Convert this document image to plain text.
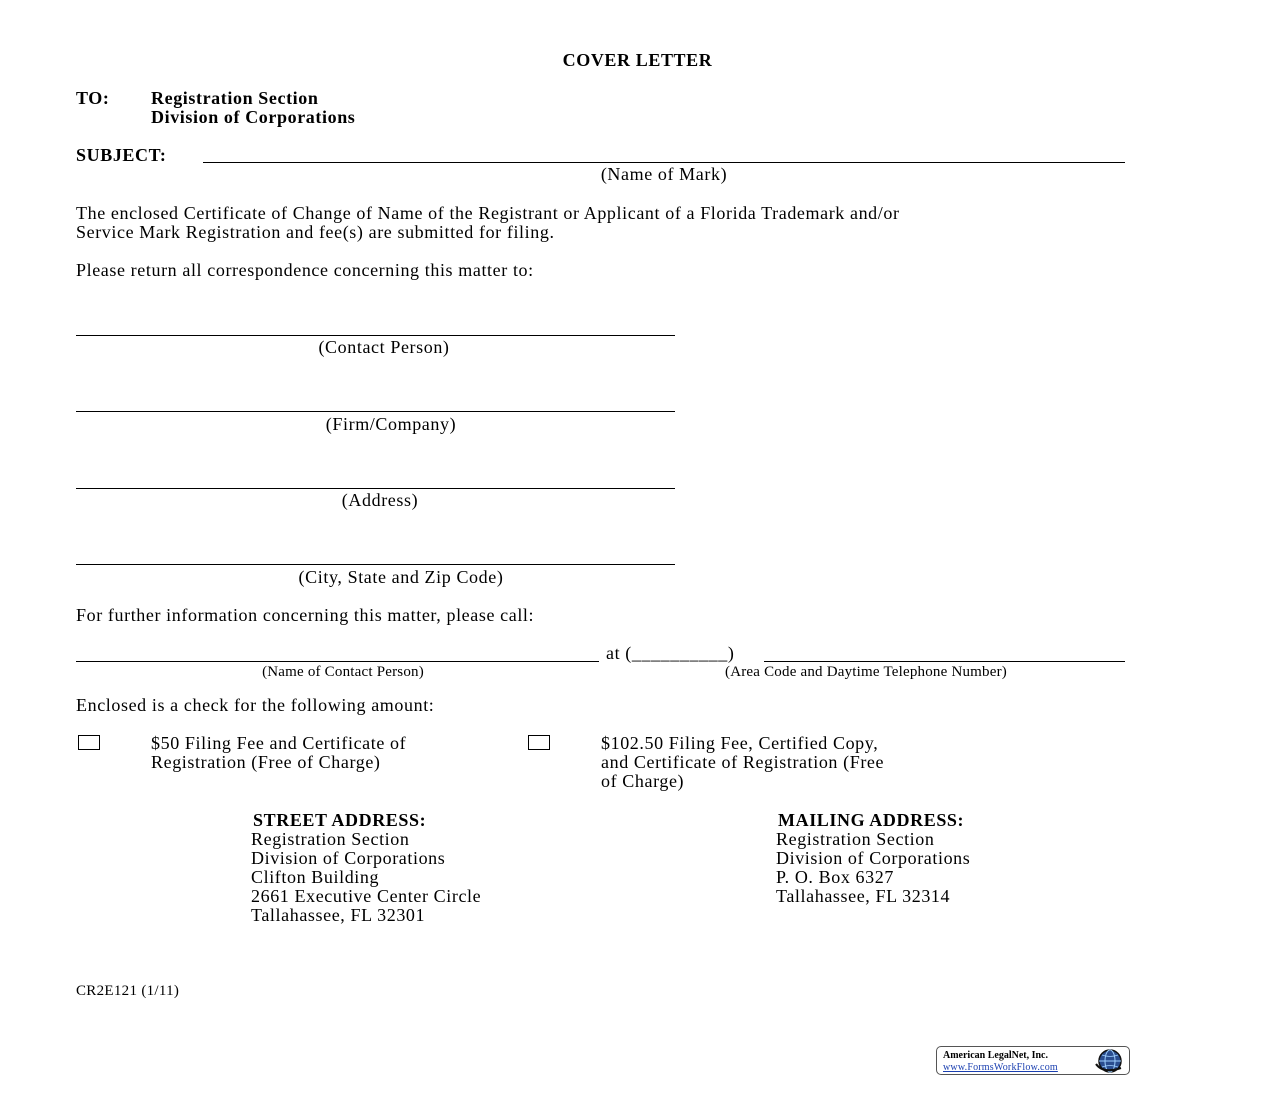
COVER LETTER
TO: Registration Section
Division of Corporations
SUBJECT:
(Name of Mark)
The enclosed Certificate of Change of Name of the Registrant or Applicant of a Florida Trademark and/or
Service Mark Registration and fee(s) are submitted for filing.
Please return all correspondence concerning this matter to:
(Contact Person)
(Firm/Company)
(Address)
(City, State and Zip Code)
For further information concerning this matter, please call:
at (__________)
(Name of Contact Person)	(Area Code and Daytime Telephone Number)
Enclosed is a check for the following amount:
$50 Filing Fee and Certificate of
Registration (Free of Charge)
$102.50 Filing Fee, Certified Copy,
and Certificate of Registration (Free
of Charge)
STREET ADDRESS:
Registration Section
Division of Corporations
Clifton Building
2661 Executive Center Circle
Tallahassee, FL 32301
MAILING ADDRESS:
Registration Section
Division of Corporations
P. O. Box 6327
Tallahassee, FL 32314
CR2E121 (1/11)
American LegalNet, Inc.
www.FormsWorkFlow.com
